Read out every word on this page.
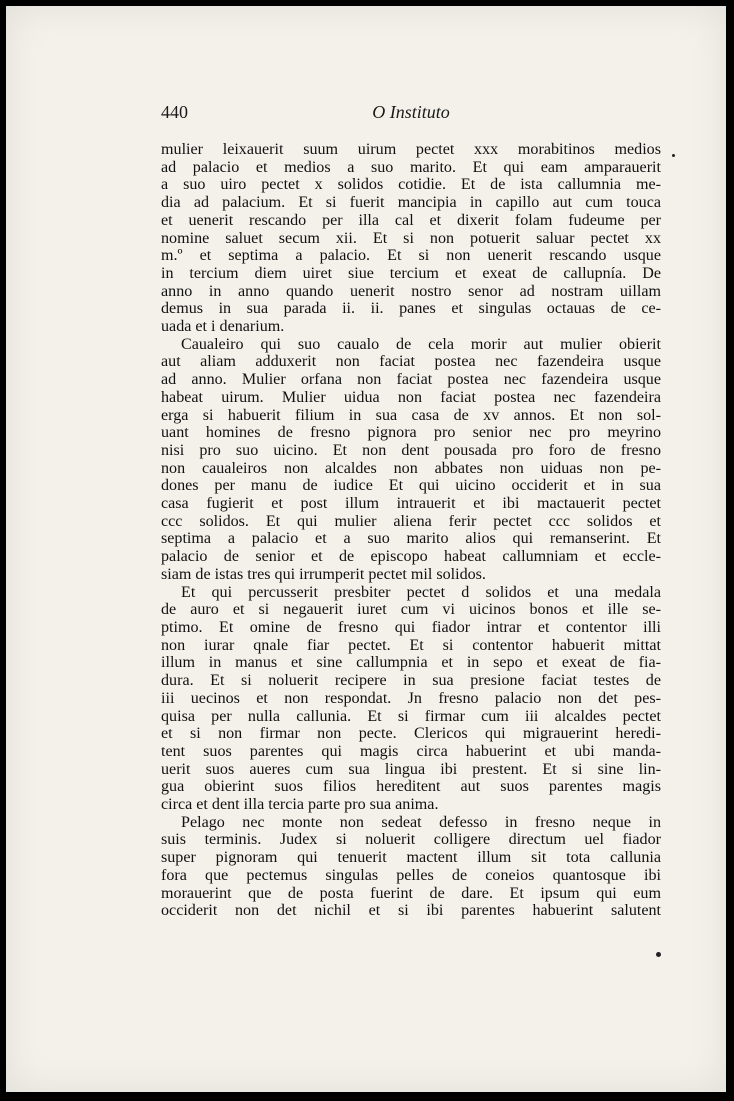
440	O Instituto
mulier leixauerit suum uirum pectet xxx morabitinos medios
ad palacio et medios a suo marito. Et qui eam amparauerit
a suo uiro pectet x solidos cotidie. Et de ista callumnia me-
dia ad palacium. Et si fuerit mancipia in capillo aut cum touca
et uenerit rescando per illa cal et dixerit folam fudeume per
nomine saluet secum xii. Et si non potuerit saluar pectet xx
m.º et septima a palacio. Et si non uenerit rescando usque
in tercium diem uiret siue tercium et exeat de callupnía. De
anno in anno quando uenerit nostro senor ad nostram uillam
demus in sua parada ii. ii. panes et singulas octauas de ce-
uada et i denarium.
Caualeiro qui suo caualo de cela morir aut mulier obierit
aut aliam adduxerit non faciat postea nec fazendeira usque
ad anno. Mulier orfana non faciat postea nec fazendeira usque
habeat uirum. Mulier uidua non faciat postea nec fazendeira
erga si habuerit filium in sua casa de xv annos. Et non sol-
uant homines de fresno pignora pro senior nec pro meyrino
nisi pro suo uicino. Et non dent pousada pro foro de fresno
non caualeiros non alcaldes non abbates non uiduas non pe-
dones per manu de iudice Et qui uicino occiderit et in sua
casa fugierit et post illum intrauerit et ibi mactauerit pectet
ccc solidos. Et qui mulier aliena ferir pectet ccc solidos et
septima a palacio et a suo marito alios qui remanserint. Et
palacio de senior et de episcopo habeat callumniam et eccle-
siam de istas tres qui irrumperit pectet mil solidos.
Et qui percusserit presbiter pectet d solidos et una medala
de auro et si negauerit iuret cum vi uicinos bonos et ille se-
ptimo. Et omine de fresno qui fiador intrar et contentor illi
non iurar qnale fiar pectet. Et si contentor habuerit mittat
illum in manus et sine callumpnia et in sepo et exeat de fia-
dura. Et si noluerit recipere in sua presione faciat testes de
iii uecinos et non respondat. Jn fresno palacio non det pes-
quisa per nulla callunia. Et si firmar cum iii alcaldes pectet
et si non firmar non pecte. Clericos qui migrauerint heredi-
tent suos parentes qui magis circa habuerint et ubi manda-
uerit suos aueres cum sua lingua ibi prestent. Et si sine lin-
gua obierint suos filios hereditent aut suos parentes magis
circa et dent illa tercia parte pro sua anima.
Pelago nec monte non sedeat defesso in fresno neque in
suis terminis. Judex si noluerit colligere directum uel fiador
super pignoram qui tenuerit mactent illum sit tota callunia
fora que pectemus singulas pelles de coneios quantosque ibi
morauerint que de posta fuerint de dare. Et ipsum qui eum
occiderit non det nichil et si ibi parentes habuerint salutent
